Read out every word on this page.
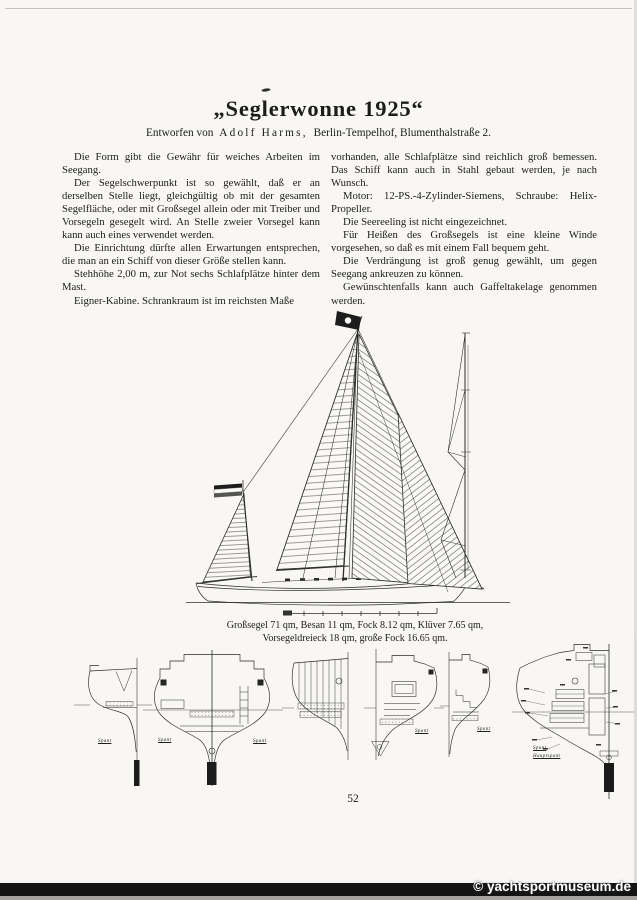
„Seglerwonne 1925“
Entworfen von Adolf Harms, Berlin-Tempelhof, Blumenthalstraße 2.

Die Form gibt die Gewähr für weiches Arbeiten im Seegang.

Der Segelschwerpunkt ist so gewählt, daß er an derselben Stelle liegt, gleichgültig ob mit der gesamten Segelfläche, oder mit Großsegel allein oder mit Treiber und Vorsegeln gesegelt wird. An Stelle zweier Vorsegel kann kann auch eines verwendet werden.

Die Einrichtung dürfte allen Erwartungen entsprechen, die man an ein Schiff von dieser Größe stellen kann.

Stehhöhe 2,00 m, zur Not sechs Schlafplätze hinter dem Mast.

Eigner-Kabine. Schrankraum ist im reichsten Maße

vorhanden, alle Schlafplätze sind reichlich groß bemessen. Das Schiff kann auch in Stahl gebaut werden, je nach Wunsch.

Motor: 12-PS.-4-Zylinder-Siemens, Schraube: Helix-Propeller.

Die Seereeling ist nicht eingezeichnet.

Für Heißen des Großsegels ist eine kleine Winde vorgesehen, so daß es mit einem Fall bequem geht.

Die Verdrängung ist groß genug gewählt, um gegen Seegang ankreuzen zu können.

Gewünschtenfalls kann auch Gaffeltakelage genommen werden.

Großsegel 71 qm, Besan 11 qm, Fock 8.12 qm, Klüver 7.65 qm,
Vorsegeldreieck 18 qm, große Fock 16.65 qm.
Spant	Spant	Spant
Spant	Spant
Spant
Hauptspant
52
© yachtsportmuseum.de
